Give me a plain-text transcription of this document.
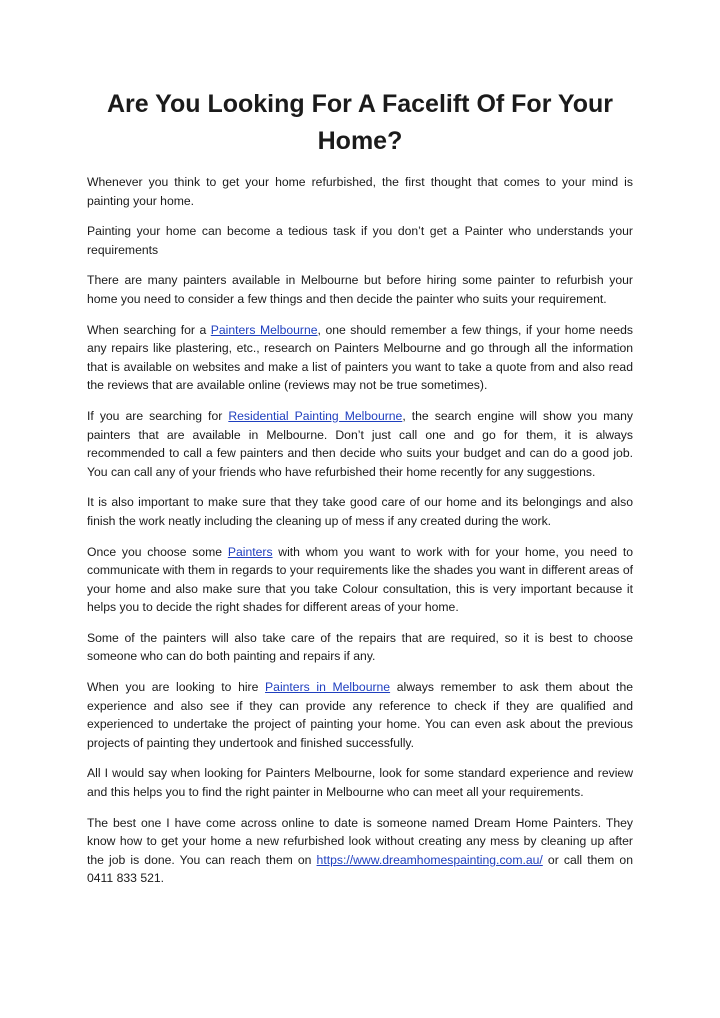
Are You Looking For A Facelift Of For Your Home?

Whenever you think to get your home refurbished, the first thought that comes to your mind is painting your home.

Painting your home can become a tedious task if you don’t get a Painter who understands your requirements

There are many painters available in Melbourne but before hiring some painter to refurbish your home you need to consider a few things and then decide the painter who suits your requirement.

When searching for a Painters Melbourne, one should remember a few things, if your home needs any repairs like plastering, etc., research on Painters Melbourne and go through all the information that is available on websites and make a list of painters you want to take a quote from and also read the reviews that are available online (reviews may not be true sometimes).

If you are searching for Residential Painting Melbourne, the search engine will show you many painters that are available in Melbourne. Don’t just call one and go for them, it is always recommended to call a few painters and then decide who suits your budget and can do a good job. You can call any of your friends who have refurbished their home recently for any suggestions.

It is also important to make sure that they take good care of our home and its belongings and also finish the work neatly including the cleaning up of mess if any created during the work.

Once you choose some Painters with whom you want to work with for your home, you need to communicate with them in regards to your requirements like the shades you want in different areas of your home and also make sure that you take Colour consultation, this is very important because it helps you to decide the right shades for different areas of your home.

Some of the painters will also take care of the repairs that are required, so it is best to choose someone who can do both painting and repairs if any.

When you are looking to hire Painters in Melbourne always remember to ask them about the experience and also see if they can provide any reference to check if they are qualified and experienced to undertake the project of painting your home. You can even ask about the previous projects of painting they undertook and finished successfully.

All I would say when looking for Painters Melbourne, look for some standard experience and review and this helps you to find the right painter in Melbourne who can meet all your requirements.

The best one I have come across online to date is someone named Dream Home Painters. They know how to get your home a new refurbished look without creating any mess by cleaning up after the job is done. You can reach them on https://www.dreamhomespainting.com.au/ or call them on 0411 833 521.
